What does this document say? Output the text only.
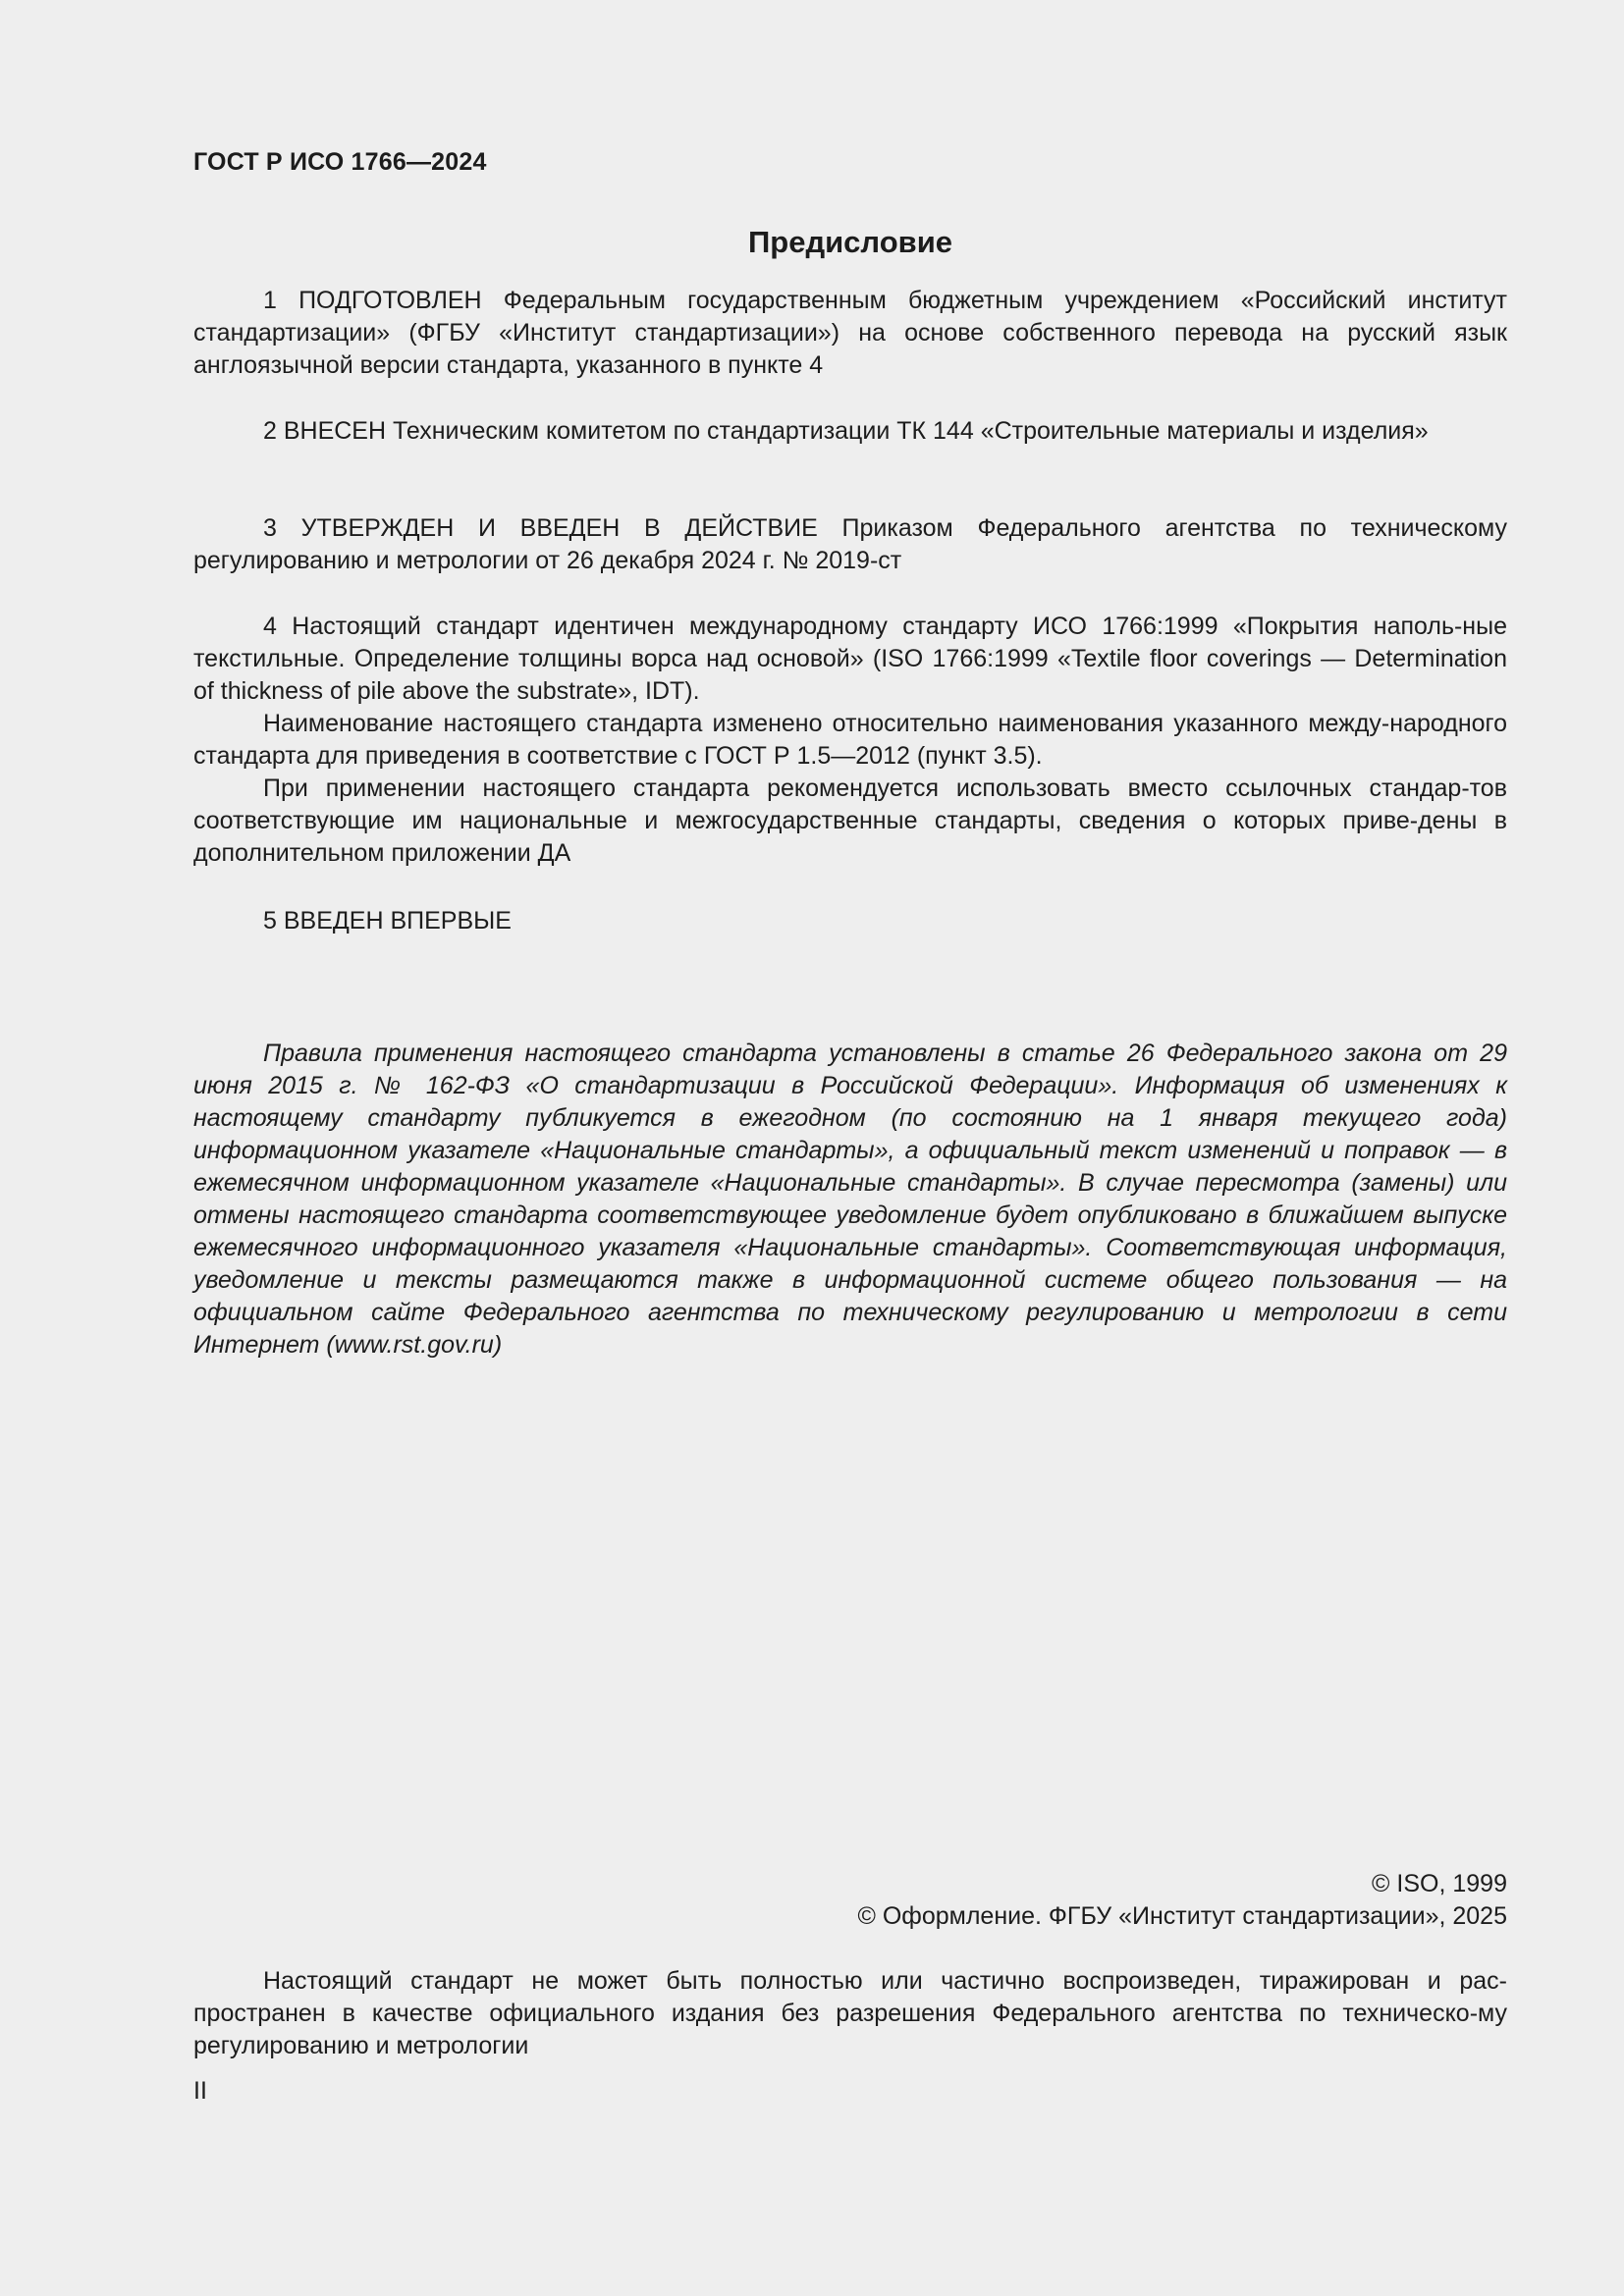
ГОСТ Р ИСО 1766—2024
Предисловие

1 ПОДГОТОВЛЕН Федеральным государственным бюджетным учреждением «Российский институт стандартизации» (ФГБУ «Институт стандартизации») на основе собственного перевода на русский язык англоязычной версии стандарта, указанного в пункте 4

2 ВНЕСЕН Техническим комитетом по стандартизации ТК 144 «Строительные материалы и изделия»

3 УТВЕРЖДЕН И ВВЕДЕН В ДЕЙСТВИЕ Приказом Федерального агентства по техническому регулированию и метрологии от 26 декабря 2024 г. № 2019-ст

4 Настоящий стандарт идентичен международному стандарту ИСО 1766:1999 «Покрытия наполь-ные текстильные. Определение толщины ворса над основой» (ISO 1766:1999 «Textile floor coverings — Determination of thickness of pile above the substrate», IDT).

Наименование настоящего стандарта изменено относительно наименования указанного между-народного стандарта для приведения в соответствие с ГОСТ Р 1.5—2012 (пункт 3.5).

При применении настоящего стандарта рекомендуется использовать вместо ссылочных стандар-тов соответствующие им национальные и межгосударственные стандарты, сведения о которых приве-дены в дополнительном приложении ДА

5 ВВЕДЕН ВПЕРВЫЕ

Правила применения настоящего стандарта установлены в статье 26 Федерального закона от 29 июня 2015 г. № 162-ФЗ «О стандартизации в Российской Федерации». Информация об изменениях к настоящему стандарту публикуется в ежегодном (по состоянию на 1 января текущего года) информационном указателе «Национальные стандарты», а официальный текст изменений и поправок — в ежемесячном информационном указателе «Национальные стандарты». В случае пересмотра (замены) или отмены настоящего стандарта соответствующее уведомление будет опубликовано в ближайшем выпуске ежемесячного информационного указателя «Национальные стандарты». Соответствующая информация, уведомление и тексты размещаются также в информационной системе общего пользования — на официальном сайте Федерального агентства по техническому регулированию и метрологии в сети Интернет (www.rst.gov.ru)

© ISO, 1999
© Оформление. ФГБУ «Институт стандартизации», 2025

Настоящий стандарт не может быть полностью или частично воспроизведен, тиражирован и рас-пространен в качестве официального издания без разрешения Федерального агентства по техническо-му регулированию и метрологии

II
